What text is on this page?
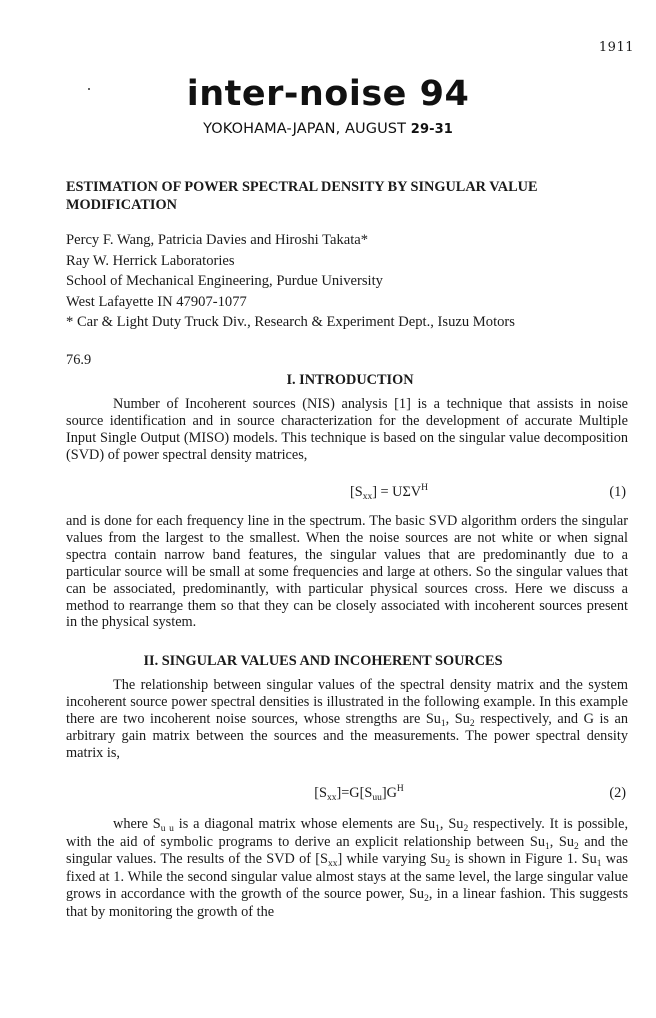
1911
inter-noise 94
YOKOHAMA-JAPAN, AUGUST 29-31
ESTIMATION OF POWER SPECTRAL DENSITY BY SINGULAR VALUE
MODIFICATION
Percy F. Wang, Patricia Davies and Hiroshi Takata*
Ray W. Herrick Laboratories
School of Mechanical Engineering, Purdue University
West Lafayette IN 47907-1077
* Car & Light Duty Truck Div., Research & Experiment Dept., Isuzu Motors
76.9
I. INTRODUCTION
Number of Incoherent sources (NIS) analysis [1] is a technique that assists in noise source identification and in source characterization for the development of accurate Multiple Input Single Output (MISO) models. This technique is based on the singular value decomposition (SVD) of power spectral density matrices,
$[S_{xx}] = U\Sigma V^H$	(1)
and is done for each frequency line in the spectrum. The basic SVD algorithm orders the singular values from the largest to the smallest. When the noise sources are not white or when signal spectra contain narrow band features, the singular values that are predominantly due to a particular source will be small at some frequencies and large at others. So the singular values that can be associated, predominantly, with particular physical sources cross. Here we discuss a method to rearrange them so that they can be closely associated with incoherent sources present in the physical system.
II. SINGULAR VALUES AND INCOHERENT SOURCES
The relationship between singular values of the spectral density matrix and the system incoherent source power spectral densities is illustrated in the following example. In this example there are two incoherent noise sources, whose strengths are $Su_1$, $Su_2$ respectively, and G is an arbitrary gain matrix between the sources and the measurements. The power spectral density matrix is,
$[S_{xx}]=G[S_{uu}]G^H$	(2)
where $S_{u u}$ is a diagonal matrix whose elements are $Su_1$, $Su_2$ respectively. It is possible, with the aid of symbolic programs to derive an explicit relationship between $Su_1$, $Su_2$ and the singular values. The results of the SVD of $[S_{xx}]$ while varying $Su_2$ is shown in Figure 1. $Su_1$ was fixed at 1. While the second singular value almost stays at the same level, the large singular value grows in accordance with the growth of the source power, $Su_2$, in a linear fashion. This suggests that by monitoring the growth of the
